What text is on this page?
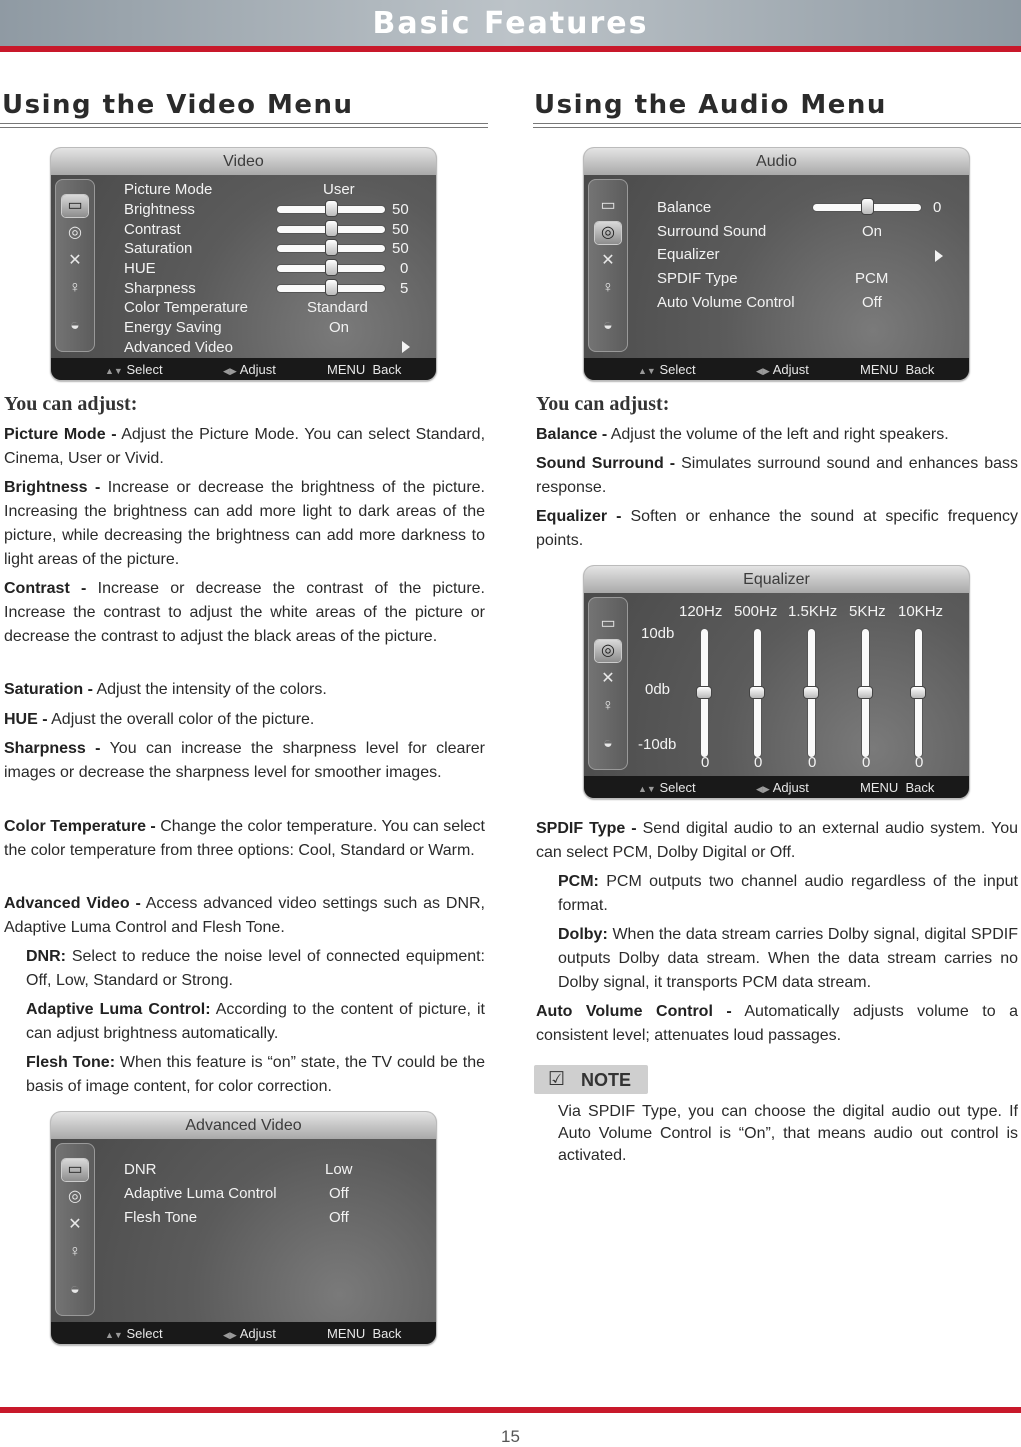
Basic Features
Using the Video Menu	Using the Audio Menu
Video
▭
◎
✕
♀
◒
Picture Mode	User
Brightness	50
Contrast	50
Saturation	50
HUE	0
Sharpness	5
Color Temperature	Standard
Energy Saving	On
Advanced Video
▲▼ Select	◀▶ Adjust	MENU Back
Audio
▭
◎
✕
♀
◒
Balance	0
Surround Sound	On
Equalizer
SPDIF Type	PCM
Auto Volume Control	Off
▲▼ Select	◀▶ Adjust	MENU Back
You can adjust:
Picture Mode - Adjust the Picture Mode. You can select Standard, Cinema, User or Vivid.
Brightness - Increase or decrease the brightness of the picture. Increasing the brightness can add more light to dark areas of the picture, while decreasing the brightness can add more darkness to light areas of the picture.
Contrast - Increase or decrease the contrast of the picture. Increase the contrast to adjust the white areas of the picture or decrease the contrast to adjust the black areas of the picture.
Saturation - Adjust the intensity of the colors.
HUE - Adjust the overall color of the picture.
Sharpness - You can increase the sharpness level for clearer images or decrease the sharpness level for smoother images.
Color Temperature - Change the color temperature. You can select the color temperature from three options: Cool, Standard or Warm.
Advanced Video - Access advanced video settings such as DNR, Adaptive Luma Control and Flesh Tone.
DNR: Select to reduce the noise level of connected equipment: Off, Low, Standard or Strong.
Adaptive Luma Control: According to the content of picture, it can adjust brightness automatically.
Flesh Tone: When this feature is “on” state, the TV could be the basis of image content, for color correction.
Advanced Video
▭
◎
✕
♀
◒
DNR	Low
Adaptive Luma Control	Off
Flesh Tone	Off
▲▼ Select	◀▶ Adjust	MENU Back
You can adjust:
Balance - Adjust the volume of the left and right speakers.
Sound Surround - Simulates surround sound and enhances bass response.
Equalizer - Soften or enhance the sound at specific frequency points.
Equalizer
▭
◎
✕
♀
◒
120Hz 500Hz 1.5KHz 5KHz 10KHz
10db
0db
-10db
0	0	0	0	0
▲▼ Select	◀▶ Adjust	MENU Back
SPDIF Type - Send digital audio to an external audio system. You can select PCM, Dolby Digital or Off.
PCM: PCM outputs two channel audio regardless of the input format.
Dolby: When the data stream carries Dolby signal, digital SPDIF outputs Dolby data stream. When the data stream carries no Dolby signal, it transports PCM data stream.
Auto Volume Control - Automatically adjusts volume to a consistent level; attenuates loud passages.
☑ NOTE
Via SPDIF Type, you can choose the digital audio out type. If Auto Volume Control is “On”, that means audio out control is activated.
15
